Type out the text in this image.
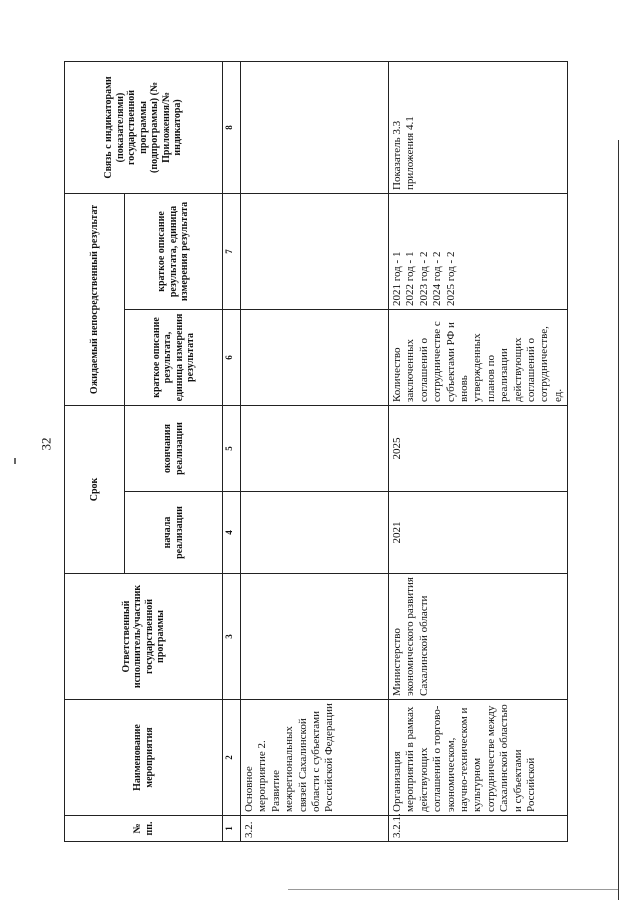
32
№ пп.	Наименование мероприятия	Ответственный исполнитель/участник государственной программы	Срок		Ожидаемый непосредственный результат		Связь с индикаторами (показателями) государственной программы (подпрограммы) (№ Приложения/№ индикатора)
			начала реализации	окончания реализации	краткое описание результата, единица измерения результата	краткое описание результата, единица измерения результата	
1	2	3	4	5	6	7	8
3.2.	Основное мероприятие 2. Развитие межрегиональных связей Сахалинской области с субъектами Российской Федерации						
3.2.1.	Организация мероприятий в рамках действующих соглашений о торгово-экономическом, научно-техническом и культурном сотрудничестве между Сахалинской областью и субъектами Российской	Министерство экономического развития Сахалинской области	2021	2025	Количество заключенных соглашений о сотрудничестве с субъектами РФ и вновь утвержденных планов по реализации действующих соглашений о сотрудничестве, ед.	2021 год - 1
2022 год - 1
2023 год - 2
2024 год - 2
2025 год - 2	Показатель 3.3 приложения 4.1
